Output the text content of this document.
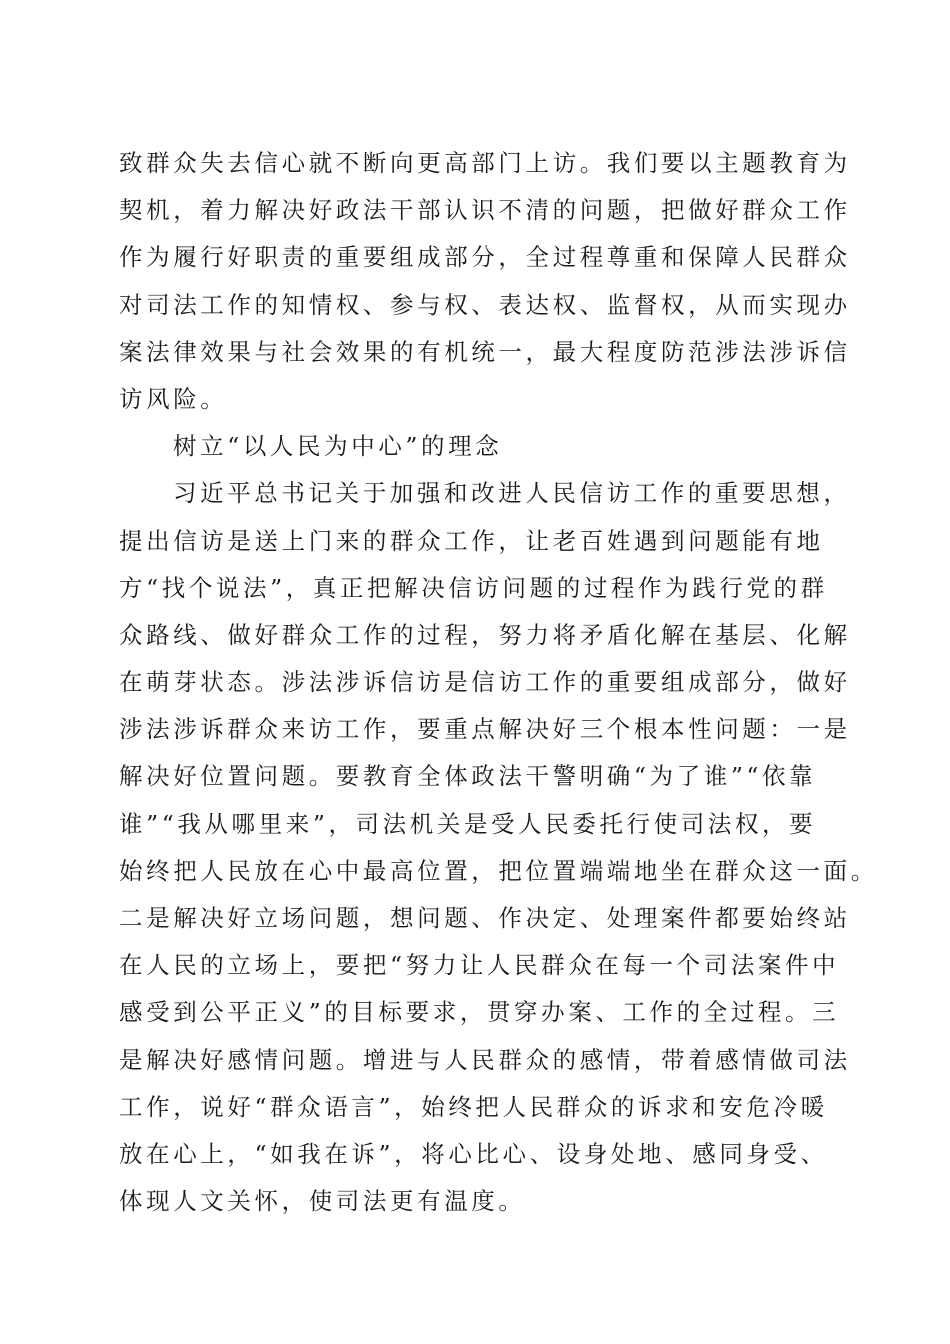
致群众失去信心就不断向更高部门上访。我们要以主题教育为
契机，着力解决好政法干部认识不清的问题，把做好群众工作
作为履行好职责的重要组成部分，全过程尊重和保障人民群众
对司法工作的知情权、参与权、表达权、监督权，从而实现办
案法律效果与社会效果的有机统一，最大程度防范涉法涉诉信
访风险。
树立“以人民为中心”的理念
习近平总书记关于加强和改进人民信访工作的重要思想，
提出信访是送上门来的群众工作，让老百姓遇到问题能有地
方“找个说法”，真正把解决信访问题的过程作为践行党的群
众路线、做好群众工作的过程，努力将矛盾化解在基层、化解
在萌芽状态。涉法涉诉信访是信访工作的重要组成部分，做好
涉法涉诉群众来访工作，要重点解决好三个根本性问题：一是
解决好位置问题。要教育全体政法干警明确“为了谁”“依靠
谁”“我从哪里来”，司法机关是受人民委托行使司法权，要
始终把人民放在心中最高位置，把位置端端地坐在群众这一面。
二是解决好立场问题，想问题、作决定、处理案件都要始终站
在人民的立场上，要把“努力让人民群众在每一个司法案件中
感受到公平正义”的目标要求，贯穿办案、工作的全过程。三
是解决好感情问题。增进与人民群众的感情，带着感情做司法
工作，说好“群众语言”，始终把人民群众的诉求和安危冷暖
放在心上，“如我在诉”，将心比心、设身处地、感同身受、
体现人文关怀，使司法更有温度。
